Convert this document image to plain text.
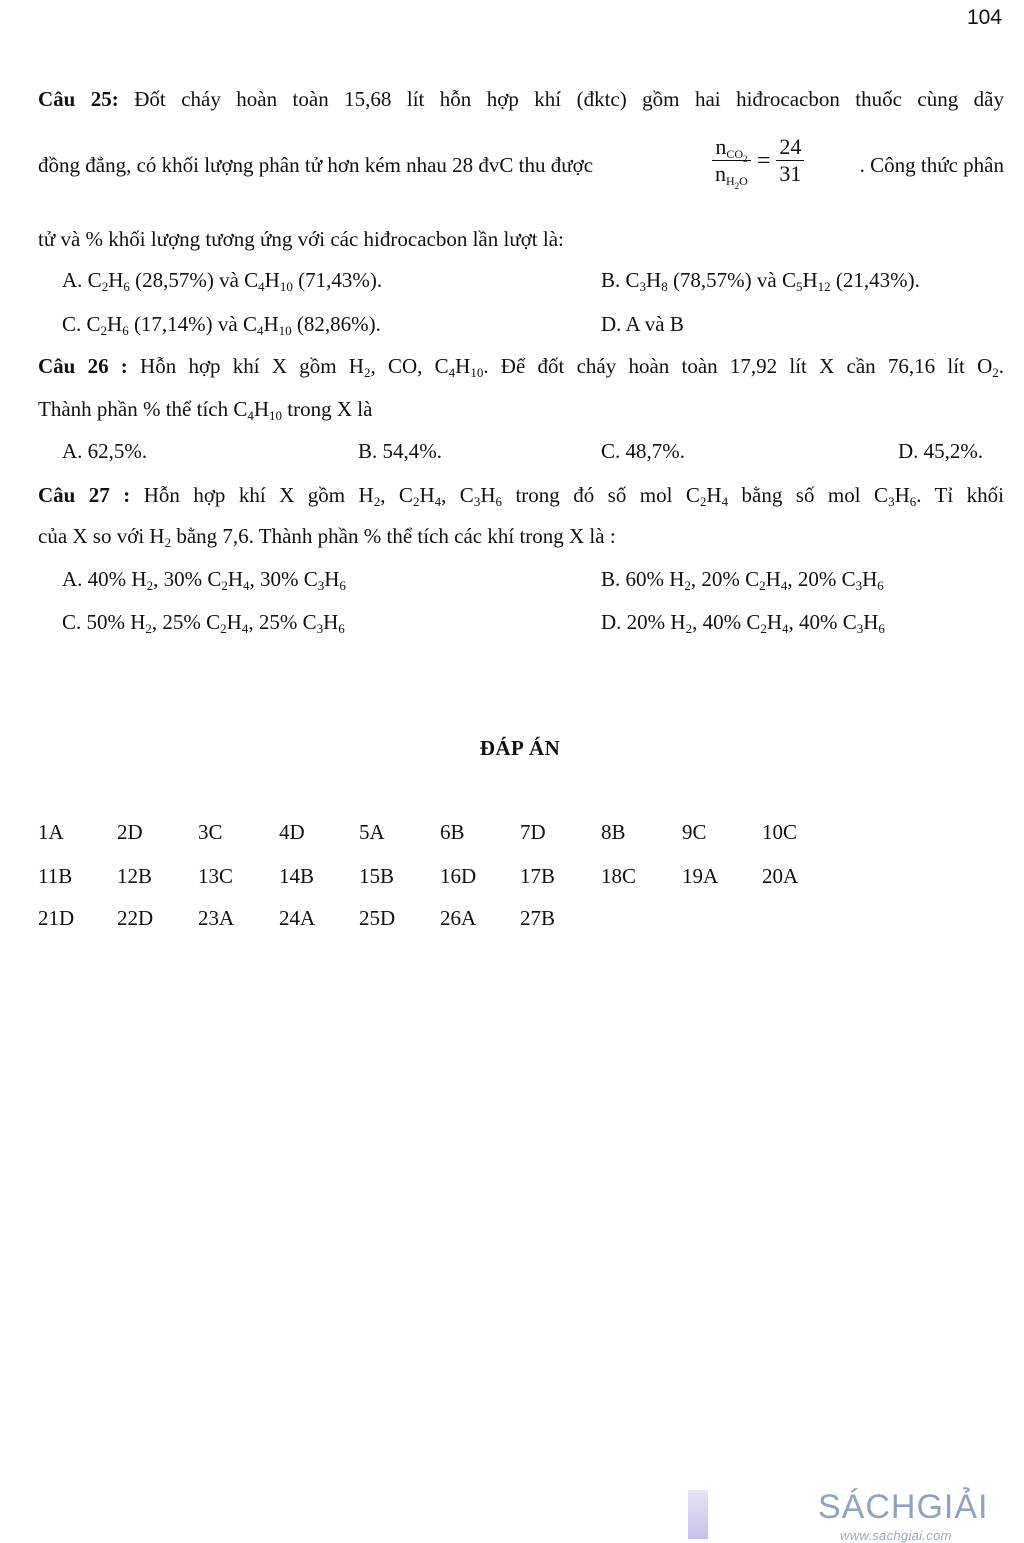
104
Câu 25: Đốt cháy hoàn toàn 15,68 lít hỗn hợp khí (đktc) gồm hai hiđrocacbon thuốc cùng dãy
đồng đẳng, có khối lượng phân tử hơn kém nhau 28 đvC thu được	$\frac{n_{CO_2}}{n_{H_2O}} = \frac{24}{31}$	. Công thức phân
tử và % khối lượng tương ứng với các hiđrocacbon lần lượt là:
A. $C_2H_6$ (28,57%) và $C_4H_{10}$ (71,43%).	B. $C_3H_8$ (78,57%) và $C_5H_{12}$ (21,43%).
C. $C_2H_6$ (17,14%) và $C_4H_{10}$ (82,86%).	D. A và B
Câu 26 : Hỗn hợp khí X gồm $H_2$, CO, $C_4H_{10}$. Để đốt cháy hoàn toàn 17,92 lít X cần 76,16 lít $O_2$.
Thành phần % thể tích $C_4H_{10}$ trong X là
A. 62,5%.	B. 54,4%.	C. 48,7%.	D. 45,2%.
Câu 27 : Hỗn hợp khí X gồm $H_2$, $C_2H_4$, $C_3H_6$ trong đó số mol $C_2H_4$ bằng số mol $C_3H_6$. Tỉ khối
của X so với $H_2$ bằng 7,6. Thành phần % thể tích các khí trong X là :
A. 40% $H_2$, 30% $C_2H_4$, 30% $C_3H_6$	B. 60% $H_2$, 20% $C_2H_4$, 20% $C_3H_6$
C. 50% $H_2$, 25% $C_2H_4$, 25% $C_3H_6$	D. 20% $H_2$, 40% $C_2H_4$, 40% $C_3H_6$
ĐÁP ÁN
1A	2D	3C	4D	5A	6B	7D	8B	9C	10C
11B 12B 13C 14B 15B 16D 17B 18C 19A 20A
21D 22D 23A 24A 25D 26A 27B
SÁCHGIẢI
www.sachgiai.com
